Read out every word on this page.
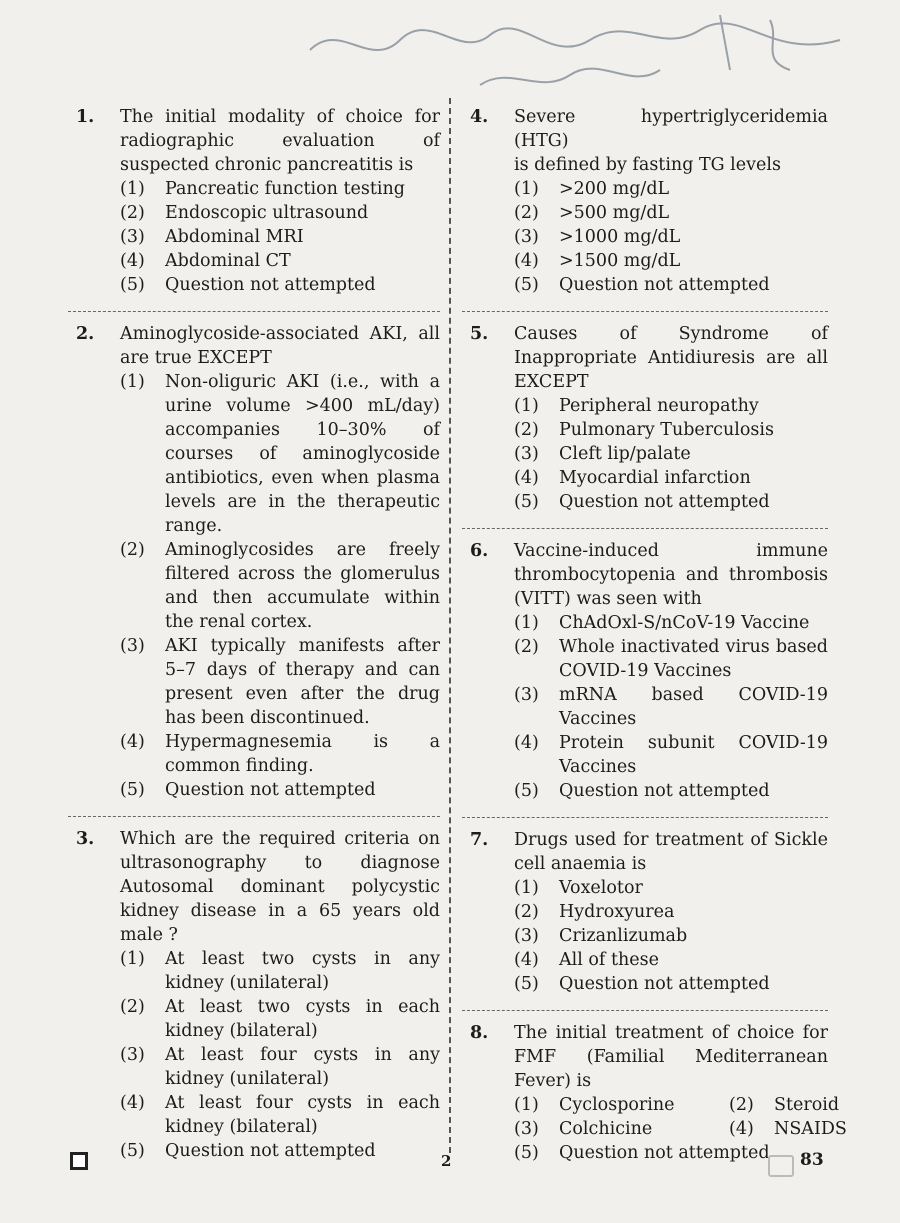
1. The initial modality of choice for
radiographic evaluation of
suspected chronic pancreatitis is
(1) Pancreatic function testing
(2) Endoscopic ultrasound
(3) Abdominal MRI
(4) Abdominal CT
(5) Question not attempted
2. Aminoglycoside-associated AKI, all
are true EXCEPT
(1) Non-oliguric AKI (i.e., with a urine volume >400 mL/day) accompanies 10–30% of courses of aminoglycoside antibiotics, even when plasma levels are in the therapeutic range.
(2) Aminoglycosides are freely filtered across the glomerulus and then accumulate within the renal cortex.
(3) AKI typically manifests after 5–7 days of therapy and can present even after the drug has been discontinued.
(4) Hypermagnesemia is a common finding.
(5) Question not attempted
3. Which are the required criteria on
ultrasonography to diagnose
Autosomal dominant polycystic
kidney disease in a 65 years old
male ?
(1) At least two cysts in any kidney (unilateral)
(2) At least two cysts in each kidney (bilateral)
(3) At least four cysts in any kidney (unilateral)
(4) At least four cysts in each kidney (bilateral)
(5) Question not attempted
4. Severe hypertriglyceridemia (HTG)
is defined by fasting TG levels
(1) >200 mg/dL
(2) >500 mg/dL
(3) >1000 mg/dL
(4) >1500 mg/dL
(5) Question not attempted
5. Causes of Syndrome of
Inappropriate Antidiuresis are all
EXCEPT
(1) Peripheral neuropathy
(2) Pulmonary Tuberculosis
(3) Cleft lip/palate
(4) Myocardial infarction
(5) Question not attempted
6. Vaccine-induced immune
thrombocytopenia and thrombosis
(VITT) was seen with
(1) ChAdOxl-S/nCoV-19 Vaccine
(2) Whole inactivated virus based COVID-19 Vaccines
(3) mRNA based COVID-19 Vaccines
(4) Protein subunit COVID-19 Vaccines
(5) Question not attempted
7. Drugs used for treatment of Sickle
cell anaemia is
(1) Voxelotor
(2) Hydroxyurea
(3) Crizanlizumab
(4) All of these
(5) Question not attempted
8. The initial treatment of choice for
FMF (Familial Mediterranean
Fever) is
(1) Cyclosporine	(2) Steroid
(3) Colchicine	(4) NSAIDS
(5) Question not attempted
2	83
